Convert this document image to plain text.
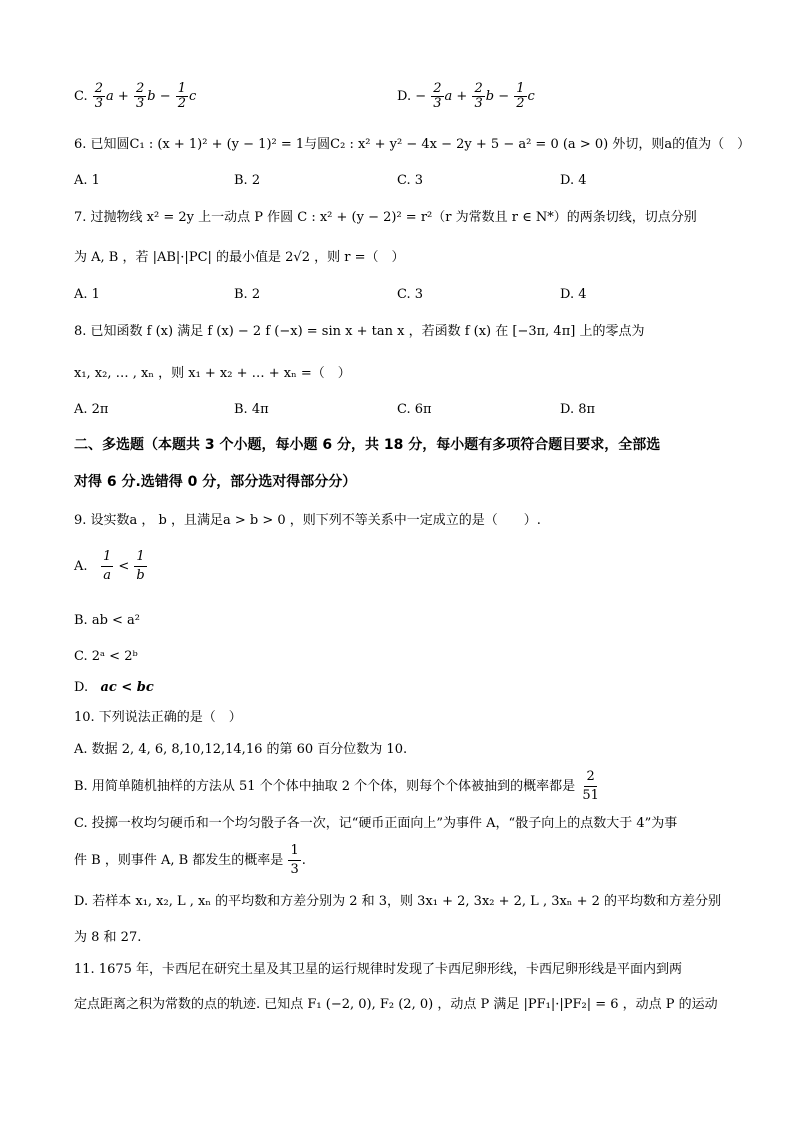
C. $\frac{2}{3}$ $a + \frac{2}{3}$ $b - \frac{1}{2}$ c	D. − $\frac{2}{3}$ $a + \frac{2}{3}$ $b - \frac{1}{2}$ c
6. 已知圆C₁ : (x + 1)² + (y − 1)² = 1与圆C₂ : x² + y² − 4x − 2y + 5 − a² = 0 (a > 0) 外切，则a的值为（　）
A. 1	B. 2	C. 3	D. 4
7. 过抛物线 x² = 2y 上一动点 P 作圆 C : x² + (y − 2)² = r²（r 为常数且 r ∈ N*）的两条切线，切点分别
为 A, B ，若 |AB|·|PC| 的最小值是 2√2 ，则 r =（　）
A. 1	B. 2	C. 3	D. 4
8. 已知函数 f (x) 满足 f (x) − 2 f (−x) = sin x + tan x ，若函数 f (x) 在 [−3π, 4π] 上的零点为
x₁, x₂, … , xₙ ，则 x₁ + x₂ + … + xₙ =（　）
A. 2π	B. 4π	C. 6π	D. 8π
二、多选题（本题共 3 个小题，每小题 6 分，共 18 分，每小题有多项符合题目要求，全部选
对得 6 分.选错得 0 分，部分选对得部分分）
9. 设实数a ， b ，且满足a > b > 0 ，则下列不等关系中一定成立的是（　　）.
A. $\frac{1}{a} < \frac{1}{b}$
B. ab < a²
C. 2ᵃ < 2ᵇ
D. ac < bc
10. 下列说法正确的是（　）
A. 数据 2, 4, 6, 8,10,12,14,16 的第 60 百分位数为 10.
B. 用简单随机抽样的方法从 51 个个体中抽取 2 个个体，则每个个体被抽到的概率都是 $\frac{2}{51}$
C. 投掷一枚均匀硬币和一个均匀骰子各一次，记“硬币正面向上”为事件 A，“骰子向上的点数大于 4”为事
件 B ，则事件 A, B 都发生的概率是 $\frac{1}{3}$ .
D. 若样本 x₁, x₂, L , xₙ 的平均数和方差分别为 2 和 3，则 3x₁ + 2, 3x₂ + 2, L , 3xₙ + 2 的平均数和方差分别
为 8 和 27.
11. 1675 年，卡西尼在研究土星及其卫星的运行规律时发现了卡西尼卵形线，卡西尼卵形线是平面内到两
定点距离之积为常数的点的轨迹. 已知点 F₁ (−2, 0), F₂ (2, 0) ，动点 P 满足 |PF₁|·|PF₂| = 6 ，动点 P 的运动
